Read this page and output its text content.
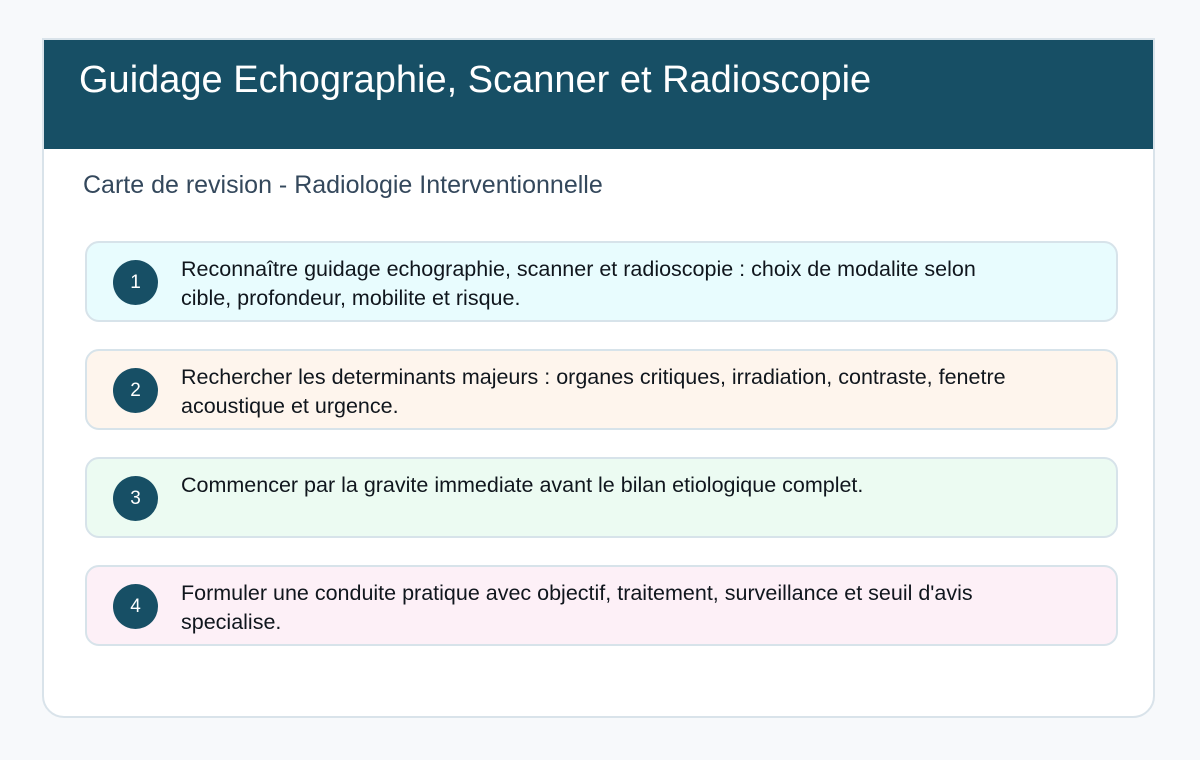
Guidage Echographie, Scanner et Radioscopie

Carte de revision - Radiologie Interventionnelle

1

Reconnaître guidage echographie, scanner et radioscopie : choix de modalite selon cible, profondeur, mobilite et risque.

2

Rechercher les determinants majeurs : organes critiques, irradiation, contraste, fenetre acoustique et urgence.

3

Commencer par la gravite immediate avant le bilan etiologique complet.

4

Formuler une conduite pratique avec objectif, traitement, surveillance et seuil d'avis specialise.
